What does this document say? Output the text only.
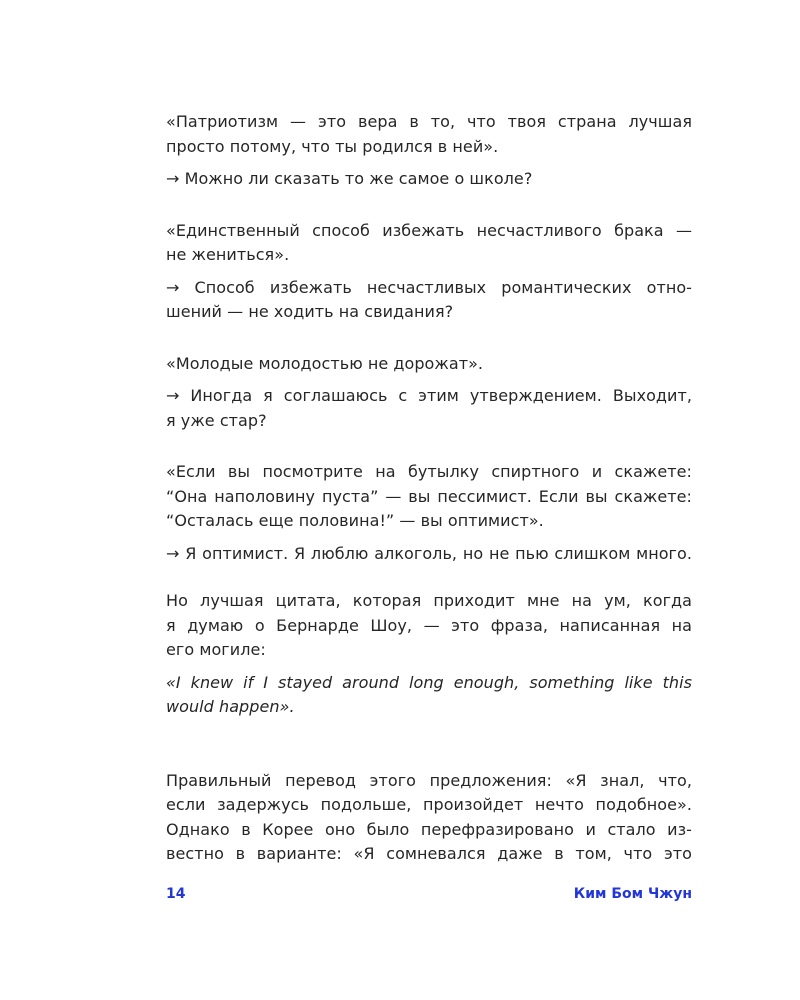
«Патриотизм — это вера в то, что твоя страна лучшая
просто потому, что ты родился в ней».
→ Можно ли сказать то же самое о школе?
«Единственный способ избежать несчастливого брака —
не жениться».
→ Способ избежать несчастливых романтических отно-
шений — не ходить на свидания?
«Молодые молодостью не дорожат».
→ Иногда я соглашаюсь с этим утверждением. Выходит,
я уже стар?
«Если вы посмотрите на бутылку спиртного и скажете:
“Она наполовину пуста” — вы пессимист. Если вы скажете:
“Осталась еще половина!” — вы оптимист».
→ Я оптимист. Я люблю алкоголь, но не пью слишком много.
Но лучшая цитата, которая приходит мне на ум, когда
я думаю о Бернарде Шоу, — это фраза, написанная на
его могиле:
«I knew if I stayed around long enough, something like this
would happen».
Правильный перевод этого предложения: «Я знал, что,
если задержусь подольше, произойдет нечто подобное».
Однако в Корее оно было перефразировано и стало из-
вестно в варианте: «Я сомневался даже в том, что это
14	Ким Бом Чжун
